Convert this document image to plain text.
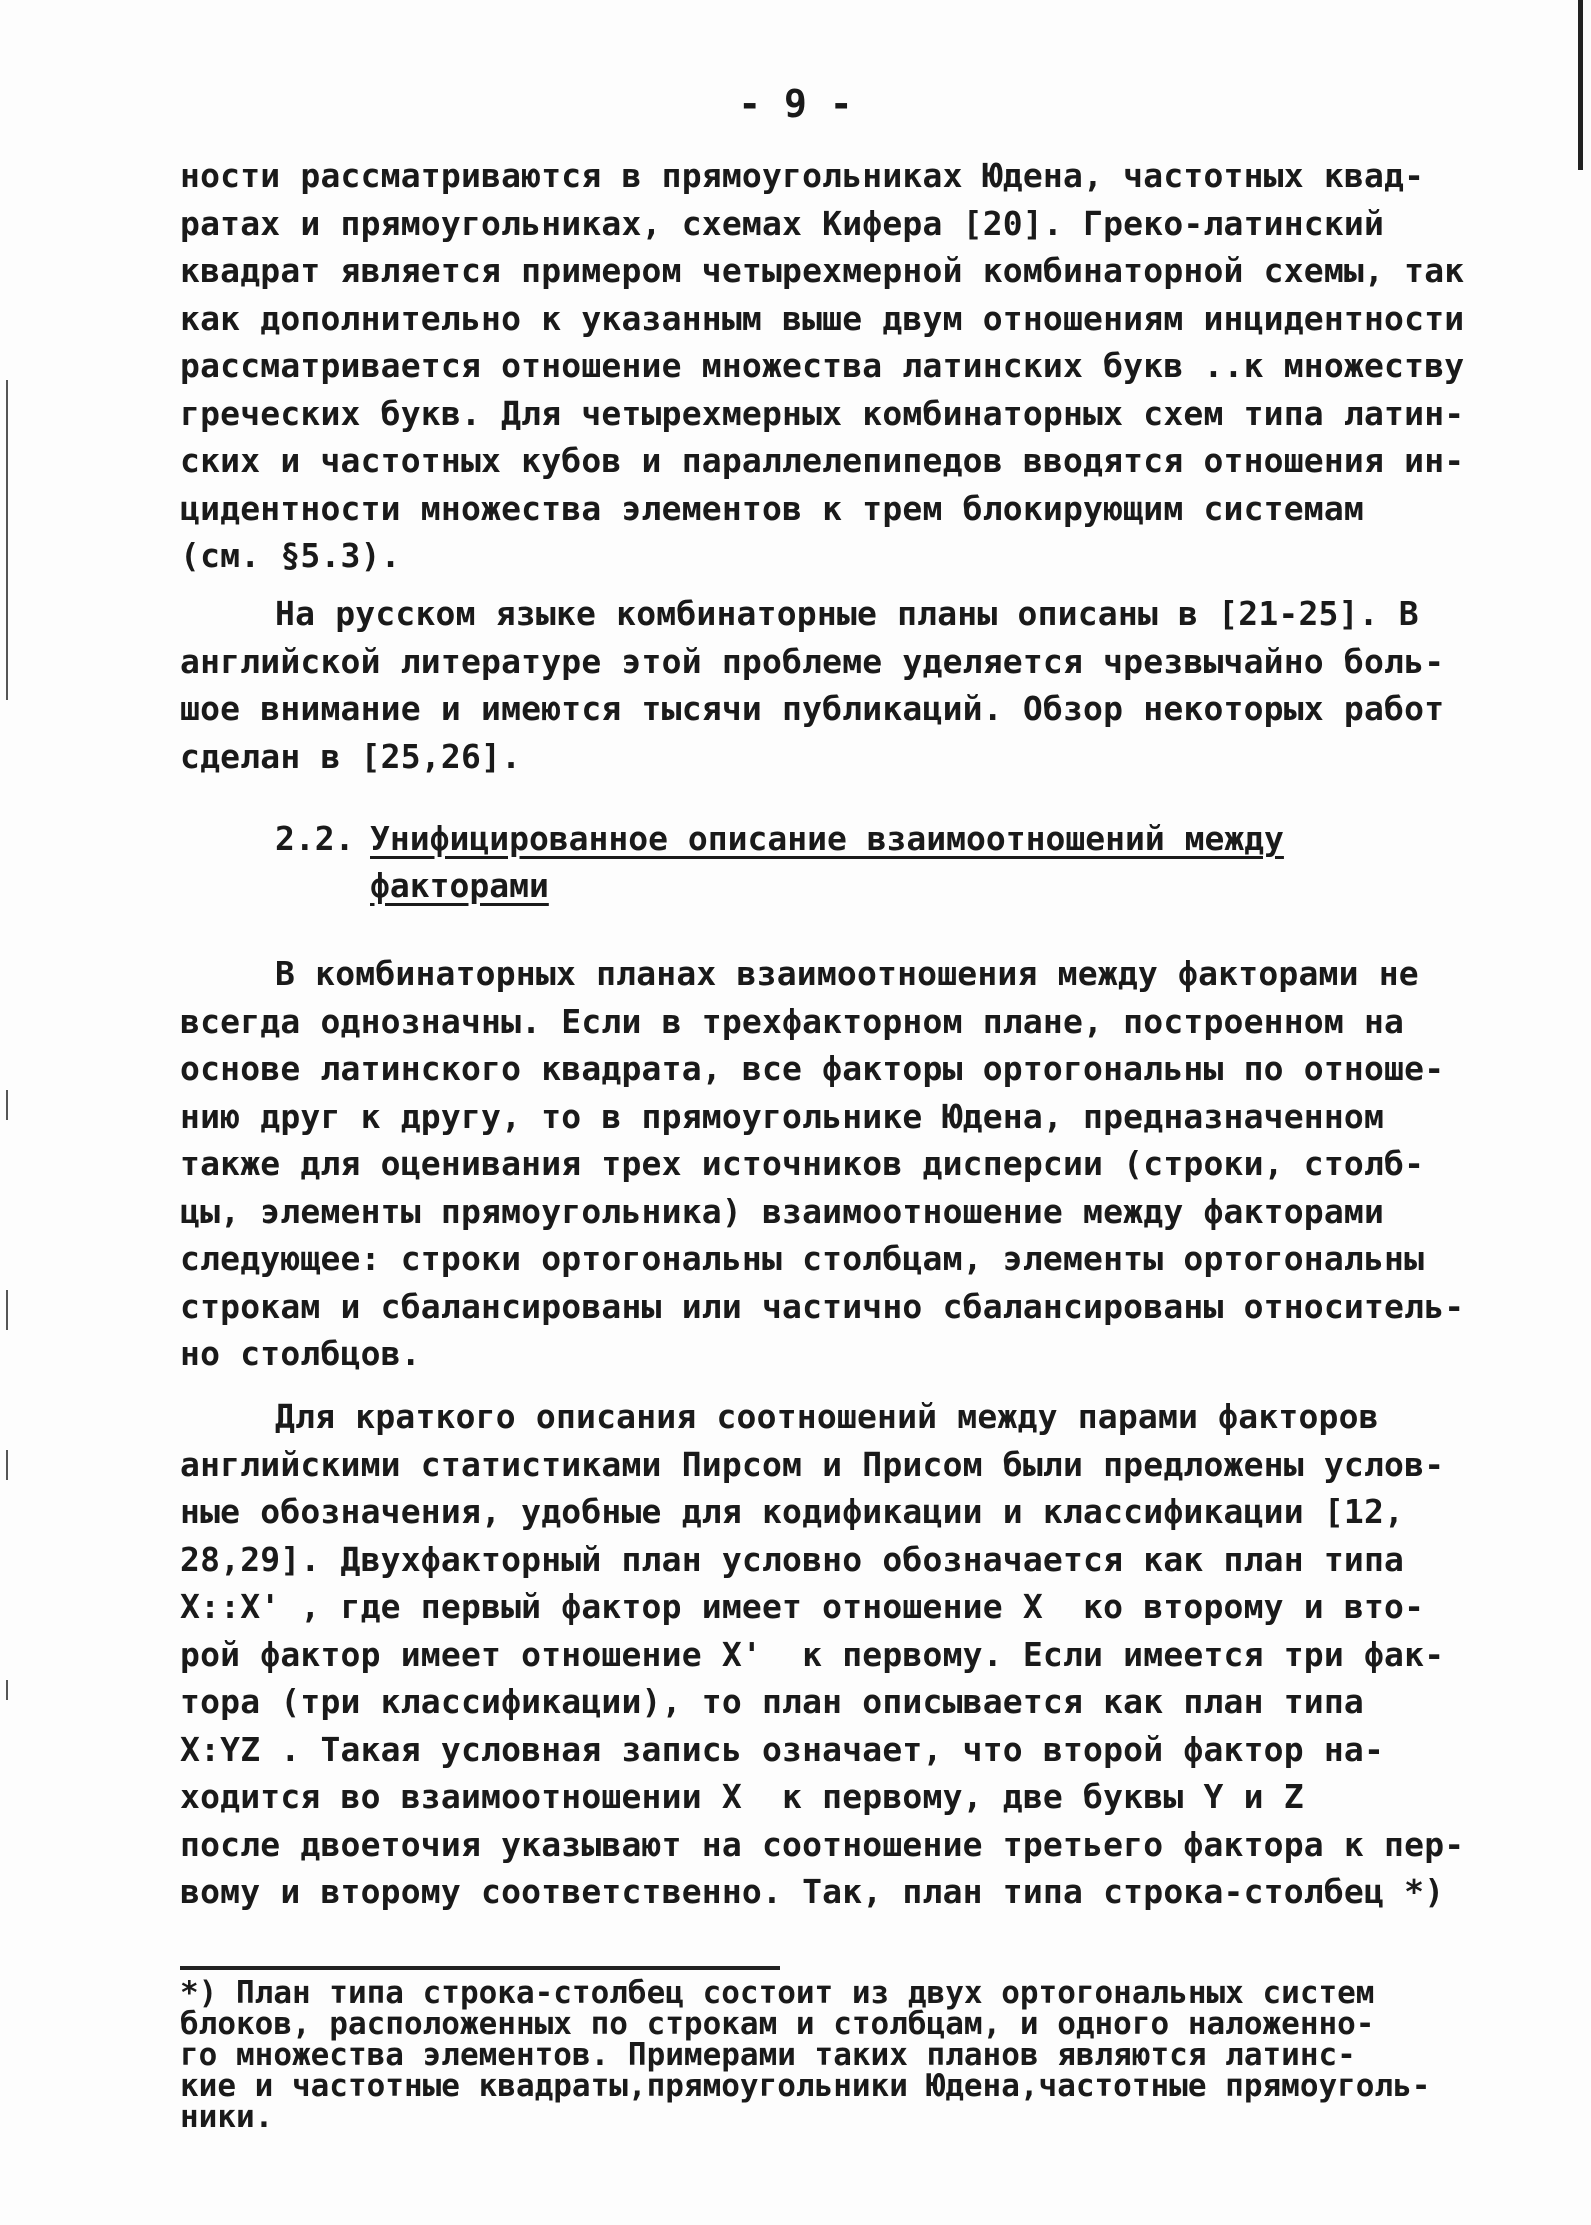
- 9 -
ности рассматриваются в прямоугольниках Юдена, частотных квад-
ратах и прямоугольниках, схемах Кифера [20]. Греко-латинский
квадрат является примером четырехмерной комбинаторной схемы, так
как дополнительно к указанным выше двум отношениям инцидентности
рассматривается отношение множества латинских букв ..к множеству
греческих букв. Для четырехмерных комбинаторных схем типа латин-
ских и частотных кубов и параллелепипедов вводятся отношения ин-
цидентности множества элементов к трем блокирующим системам
(см. §5.3).
На русском языке комбинаторные планы описаны в [21-25]. В
английской литературе этой проблеме уделяется чрезвычайно боль-
шое внимание и имеются тысячи публикаций. Обзор некоторых работ
сделан в [25,26].
2.2. Унифицированное описание взаимоотношений между
факторами
В комбинаторных планах взаимоотношения между факторами не
всегда однозначны. Если в трехфакторном плане, построенном на
основе латинского квадрата, все факторы ортогональны по отноше-
нию друг к другу, то в прямоугольнике Юдена, предназначенном
также для оценивания трех источников дисперсии (строки, столб-
цы, элементы прямоугольника) взаимоотношение между факторами
следующее: строки ортогональны столбцам, элементы ортогональны
строкам и сбалансированы или частично сбалансированы относитель-
но столбцов.
Для краткого описания соотношений между парами факторов
английскими статистиками Пирсом и Присом были предложены услов-
ные обозначения, удобные для кодификации и классификации [12,
28,29]. Двухфакторный план условно обозначается как план типа
X::X' , где первый фактор имеет отношение X  ко второму и вто-
рой фактор имеет отношение X'  к первому. Если имеется три фак-
тора (три классификации), то план описывается как план типа
X:YZ . Такая условная запись означает, что второй фактор на-
ходится во взаимоотношении X  к первому, две буквы Y и Z
после двоеточия указывают на соотношение третьего фактора к пер-
вому и второму соответственно. Так, план типа строка-столбец *)
*) План типа строка-столбец состоит из двух ортогональных систем
блоков, расположенных по строкам и столбцам, и одного наложенно-
го множества элементов. Примерами таких планов являются латинс-
кие и частотные квадраты,прямоугольники Юдена,частотные прямоуголь-
ники.
